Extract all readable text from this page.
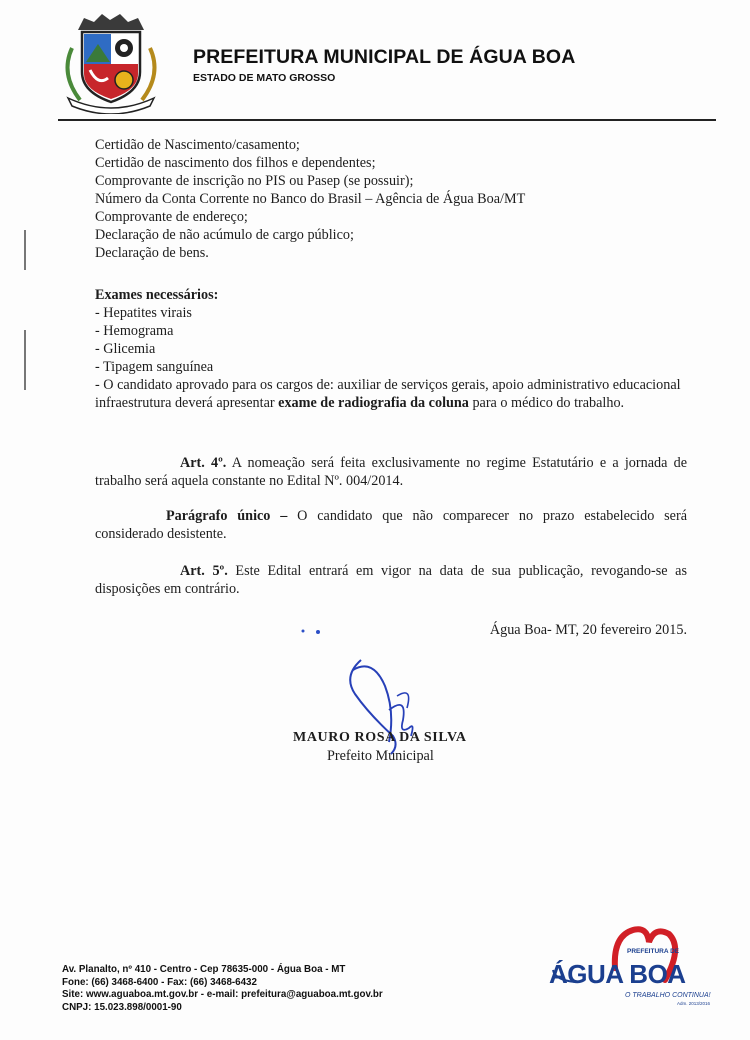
PREFEITURA MUNICIPAL DE ÁGUA BOA
ESTADO DE MATO GROSSO
Certidão de Nascimento/casamento;
Certidão de nascimento dos filhos e dependentes;
Comprovante de inscrição no PIS ou Pasep (se possuir);
Número da Conta Corrente no Banco do Brasil – Agência de Água Boa/MT
Comprovante de endereço;
Declaração de não acúmulo de cargo público;
Declaração de bens.
Exames necessários:
- Hepatites virais
- Hemograma
- Glicemia
- Tipagem sanguínea
- O candidato aprovado para os cargos de: auxiliar de serviços gerais, apoio administrativo educacional infraestrutura deverá apresentar exame de radiografia da coluna para o médico do trabalho.
Art. 4º. A nomeação será feita exclusivamente no regime Estatutário e a jornada de trabalho será aquela constante no Edital Nº. 004/2014.
Parágrafo único – O candidato que não comparecer no prazo estabelecido será considerado desistente.
Art. 5º. Este Edital entrará em vigor na data de sua publicação, revogando-se as disposições em contrário.
Água Boa- MT, 20 fevereiro 2015.
MAURO ROSA DA SILVA
Prefeito Municipal
Av. Planalto, nº 410 - Centro - Cep 78635-000 - Água Boa - MT
Fone: (66) 3468-6400 - Fax: (66) 3468-6432
Site: www.aguaboa.mt.gov.br - e-mail: prefeitura@aguaboa.mt.gov.br
CNPJ: 15.023.898/0001-90
PREFEITURA DE
ÁGUA BOA
O TRABALHO CONTINUA!
Adm. 2013/2016
